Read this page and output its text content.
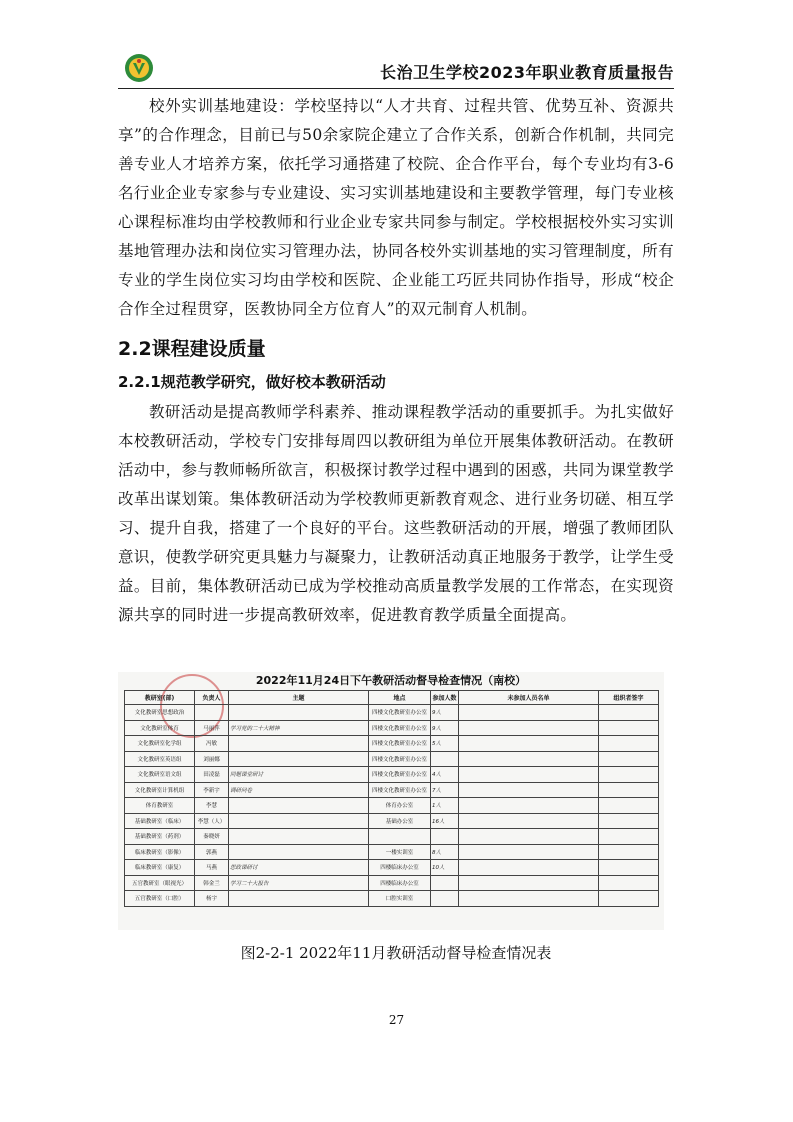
长治卫生学校2023年职业教育质量报告

校外实训基地建设：学校坚持以“人才共育、过程共管、优势互补、资源共享”的合作理念，目前已与50余家院企建立了合作关系，创新合作机制，共同完善专业人才培养方案，依托学习通搭建了校院、企合作平台，每个专业均有3-6名行业企业专家参与专业建设、实习实训基地建设和主要教学管理，每门专业核心课程标准均由学校教师和行业企业专家共同参与制定。学校根据校外实习实训基地管理办法和岗位实习管理办法，协同各校外实训基地的实习管理制度，所有专业的学生岗位实习均由学校和医院、企业能工巧匠共同协作指导，形成“校企合作全过程贯穿，医教协同全方位育人”的双元制育人机制。

2.2课程建设质量
2.2.1规范教学研究，做好校本教研活动

教研活动是提高教师学科素养、推动课程教学活动的重要抓手。为扎实做好本校教研活动，学校专门安排每周四以教研组为单位开展集体教研活动。在教研活动中，参与教师畅所欲言，积极探讨教学过程中遇到的困惑，共同为课堂教学改革出谋划策。集体教研活动为学校教师更新教育观念、进行业务切磋、相互学习、提升自我，搭建了一个良好的平台。这些教研活动的开展，增强了教师团队意识，使教学研究更具魅力与凝聚力，让教研活动真正地服务于教学，让学生受益。目前，集体教研活动已成为学校推动高质量教学发展的工作常态，在实现资源共享的同时进一步提高教研效率，促进教育教学质量全面提高。

2022年11月24日下午教研活动督导检查情况（南校）
教研室(部)	负责人	主题	地点	参加人数	未参加人员名单	组织者签字
文化教研室思想政治			四楼文化教研室办公室	9人		
文化教研室体育	马丽萍	学习党的二十大精神	四楼文化教研室办公室	9人		
文化教研室化学组	冯敏		四楼文化教研室办公室	5人		
文化教研室英语组	刘丽娜		四楼文化教研室办公室			
文化教研室语文组	田凌磊	同题课堂研讨	四楼文化教研室办公室	4人		
文化教研室计算机组	李新宇	调研问卷	四楼文化教研室办公室	7人		
体育教研室	李慧		体育办公室	1人		
基础教研室（临床）	李慧（人）		基础办公室	16人		
基础教研室（药剂）	秦晓妍					
临床教研室（影像）	郭燕		一楼实训室	8人		
临床教研室（康复）	马燕	思政课研讨	四楼临床办公室	10人		
五官教研室（眼视光）	韩金兰	学习二十大报告	四楼临床办公室			
五官教研室（口腔）	杨宇		口腔实训室			
图2-2-1 2022年11月教研活动督导检查情况表
27
